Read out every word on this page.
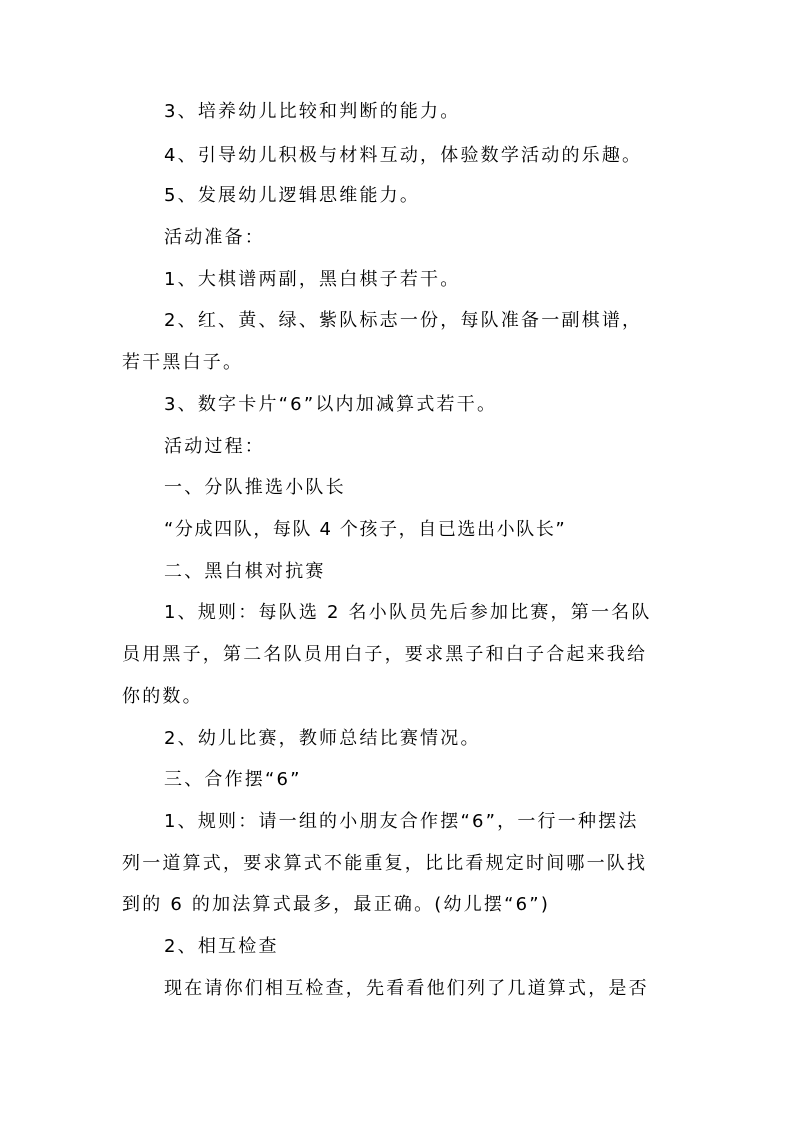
3、培养幼儿比较和判断的能力。
4、引导幼儿积极与材料互动，体验数学活动的乐趣。
5、发展幼儿逻辑思维能力。
活动准备：
1、大棋谱两副，黑白棋子若干。
2、红、黄、绿、紫队标志一份，每队准备一副棋谱，
若干黑白子。
3、数字卡片“6”以内加减算式若干。
活动过程：
一、分队推选小队长
“分成四队，每队 4 个孩子，自已选出小队长”
二、黑白棋对抗赛
1、规则：每队选 2 名小队员先后参加比赛，第一名队
员用黑子，第二名队员用白子，要求黑子和白子合起来我给
你的数。
2、幼儿比赛，教师总结比赛情况。
三、合作摆“6”
1、规则：请一组的小朋友合作摆“6”，一行一种摆法
列一道算式，要求算式不能重复，比比看规定时间哪一队找
到的 6 的加法算式最多，最正确。(幼儿摆“6”)
2、相互检查
现在请你们相互检查，先看看他们列了几道算式，是否
